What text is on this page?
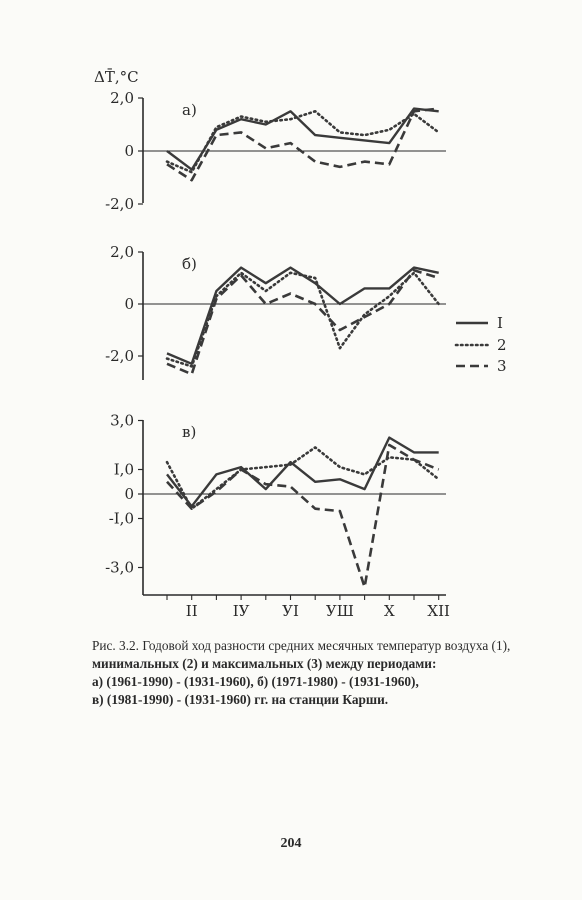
ΔT̄,°C
2,0
0
-2,0
a)
2,0
0
-2,0
б)
3,0
I,0
0
-I,0
-3,0
в)
I
2
3
II IУ УI УШ X XII
Рис. 3.2. Годовой ход разности средних месячных температур воздуха (1),
минимальных (2) и максимальных (3) между периодами:
а) (1961-1990) - (1931-1960), б) (1971-1980) - (1931-1960),
в) (1981-1990) - (1931-1960) гг. на станции Карши.
204
